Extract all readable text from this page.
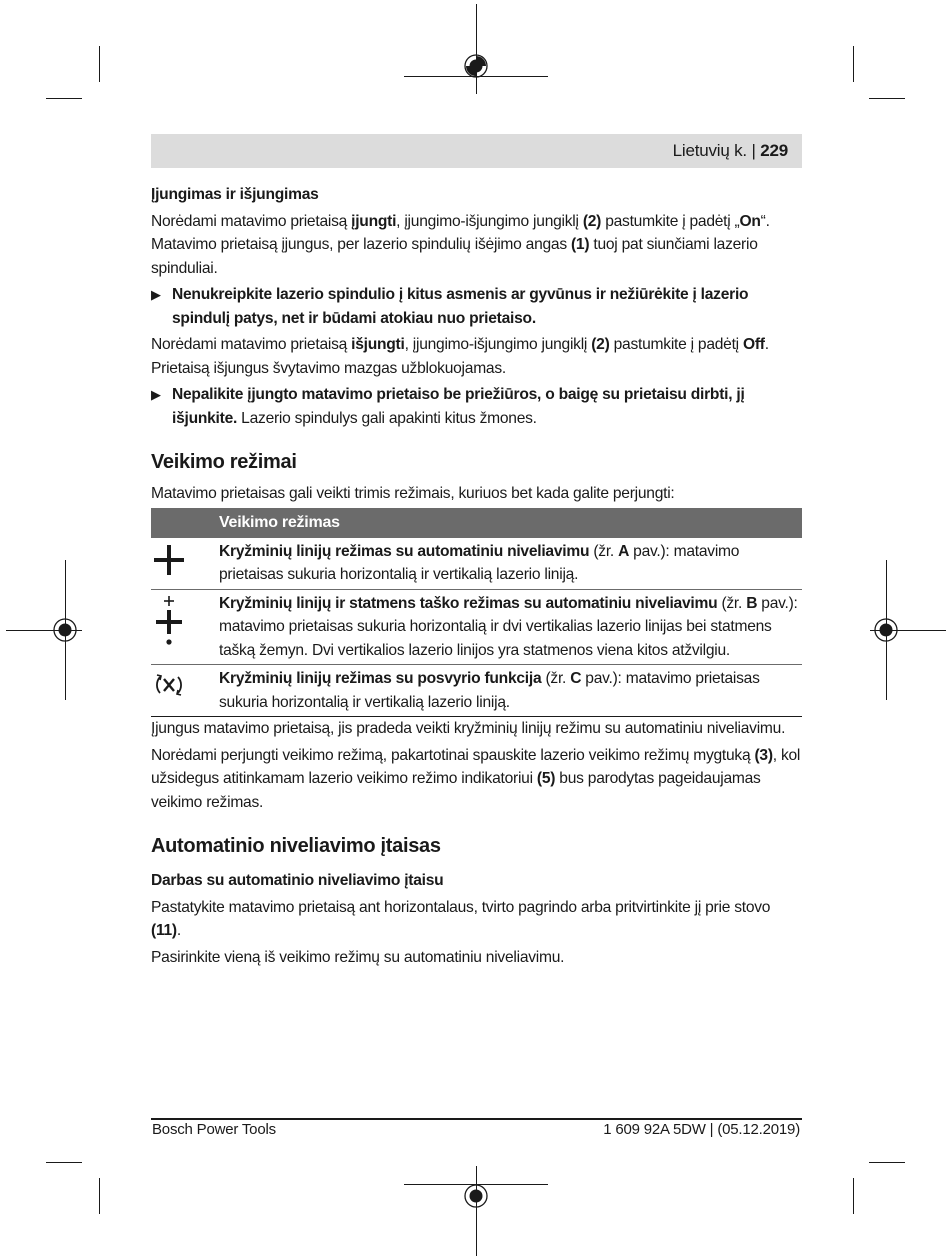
Lietuvių k. | 229

Įjungimas ir išjungimas

Norėdami matavimo prietaisą įjungti, įjungimo-išjungimo jungiklį (2) pastumkite į padėtį „On“. Matavimo prietaisą įjungus, per lazerio spindulių išėjimo angas (1) tuoj pat siunčiami lazerio spinduliai.

▶ Nenukreipkite lazerio spindulio į kitus asmenis ar gyvūnus ir nežiūrėkite į lazerio spindulį patys, net ir būdami atokiau nuo prietaiso.

Norėdami matavimo prietaisą išjungti, įjungimo-išjungimo jungiklį (2) pastumkite į padėtį Off. Prietaisą išjungus švytavimo mazgas užblokuojamas.

▶ Nepalikite įjungto matavimo prietaiso be priežiūros, o baigę su prietaisu dirbti, jį išjunkite. Lazerio spindulys gali apakinti kitus žmones.

Veikimo režimai

Matavimo prietaisas gali veikti trimis režimais, kuriuos bet kada galite perjungti:

	Veikimo režimas

	Kryžminių linijų režimas su automatiniu niveliavimu (žr. A pav.): matavimo prietaisas sukuria horizontalią ir vertikalią lazerio liniją.

	Kryžminių linijų ir statmens taško režimas su automatiniu niveliavimu (žr. B pav.): matavimo prietaisas sukuria horizontalią ir dvi vertikalias lazerio linijas bei statmens tašką žemyn. Dvi vertikalios lazerio linijos yra statmenos viena kitos atžvilgiu.

	Kryžminių linijų režimas su posvyrio funkcija (žr. C pav.): matavimo prietaisas sukuria horizontalią ir vertikalią lazerio liniją.

Įjungus matavimo prietaisą, jis pradeda veikti kryžminių linijų režimu su automatiniu niveliavimu.

Norėdami perjungti veikimo režimą, pakartotinai spauskite lazerio veikimo režimų mygtuką (3), kol užsidegus atitinkamam lazerio veikimo režimo indikatoriui (5) bus parodytas pageidaujamas veikimo režimas.

Automatinio niveliavimo įtaisas

Darbas su automatinio niveliavimo įtaisu

Pastatykite matavimo prietaisą ant horizontalaus, tvirto pagrindo arba pritvirtinkite jį prie stovo (11).

Pasirinkite vieną iš veikimo režimų su automatiniu niveliavimu.

Bosch Power Tools	1 609 92A 5DW | (05.12.2019)
